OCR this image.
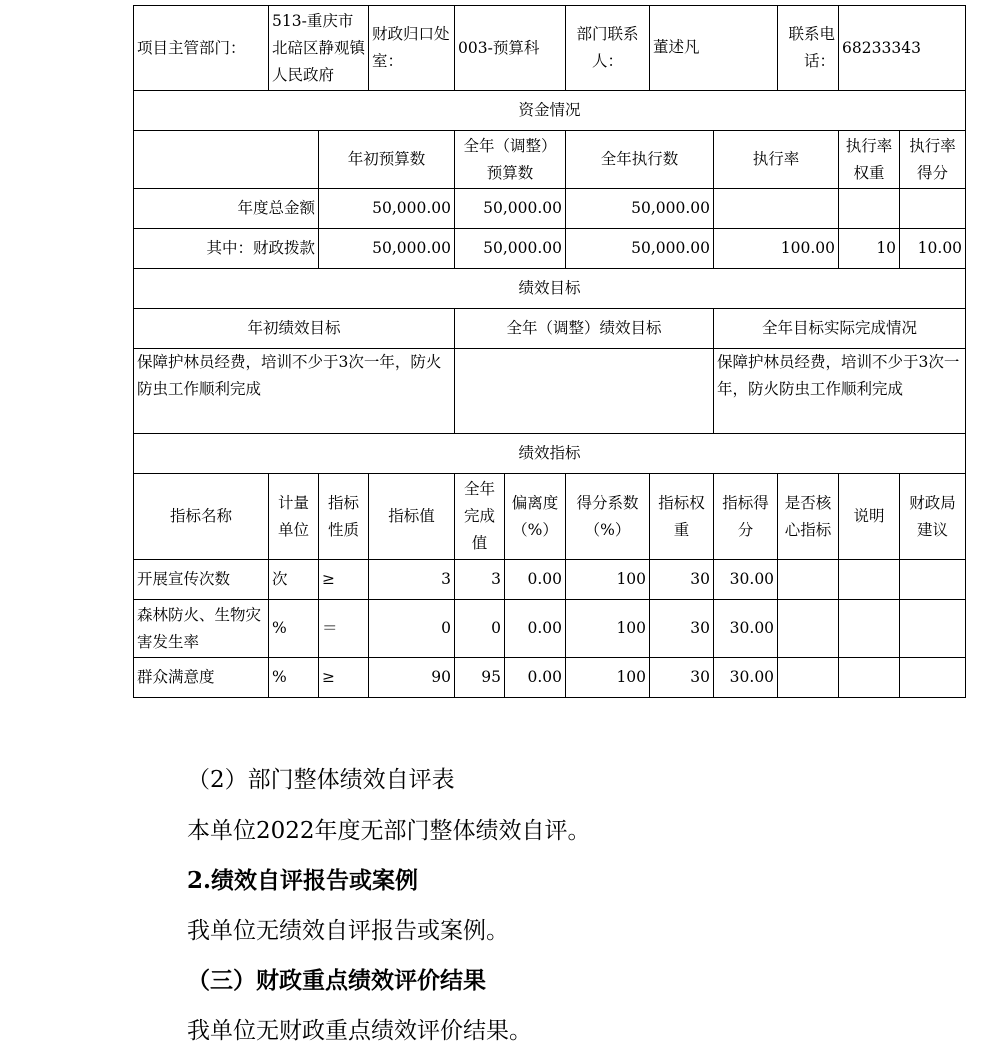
项目主管部门：	513-重庆市北碚区静观镇人民政府		财政归口处室：	003-预算科		部门联系人：	董述凡		联系电话：	68233343	
资金情况											
		年初预算数		全年（调整）预算数		全年执行数		执行率		执行率权重	执行率得分
年度总金额		50,000.00		50,000.00		50,000.00					
其中：财政拨款		50,000.00		50,000.00		50,000.00		100.00		10	10.00
绩效目标											
年初绩效目标				全年（调整）绩效目标				全年目标实际完成情况			
保障护林员经费，培训不少于3次一年，防火防虫工作顺利完成								保障护林员经费，培训不少于3次一年，防火防虫工作顺利完成			
绩效指标											
指标名称	计量单位	指标性质	指标值	全年完成值	偏离度（%）	得分系数（%）	指标权重	指标得分	是否核心指标	说明	财政局建议
开展宣传次数	次	≥	3	3	0.00	100	30	30.00			
森林防火、生物灾害发生率	%	＝	0	0	0.00	100	30	30.00			
群众满意度	%	≥	90	95	0.00	100	30	30.00			
（2）部门整体绩效自评表
本单位2022年度无部门整体绩效自评。
2.绩效自评报告或案例
我单位无绩效自评报告或案例。
（三）财政重点绩效评价结果
我单位无财政重点绩效评价结果。
